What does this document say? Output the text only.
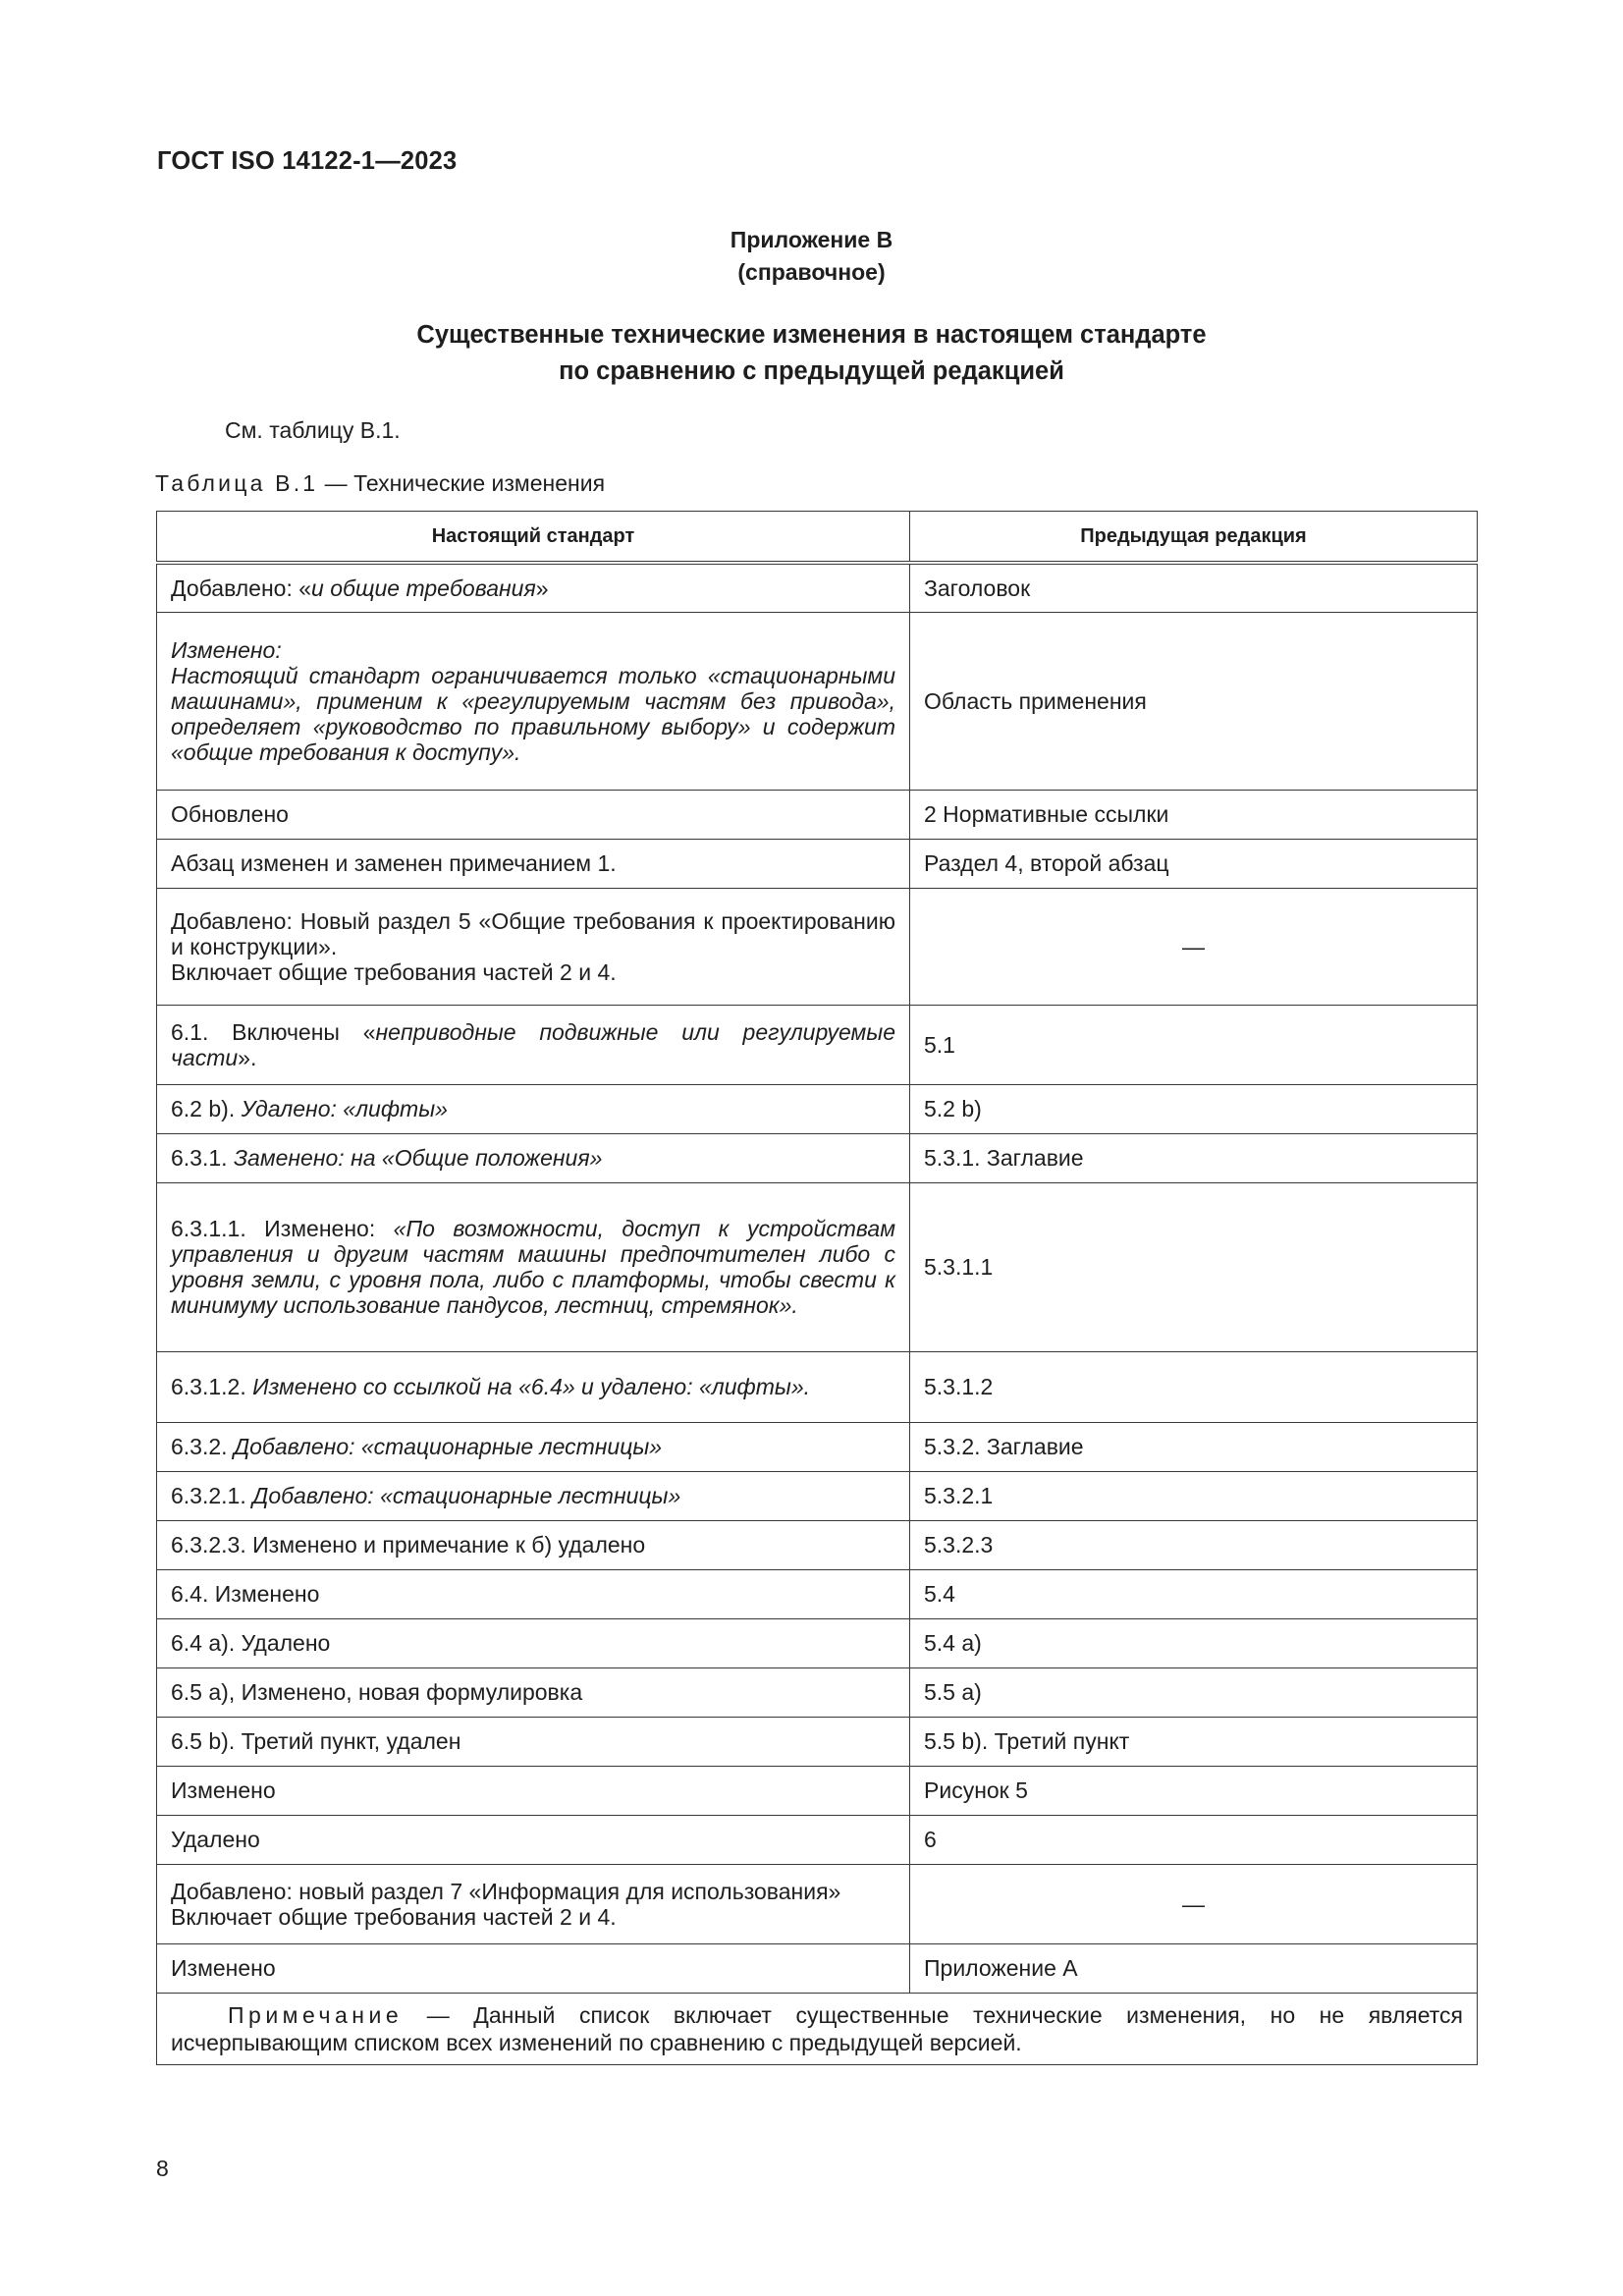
ГОСТ ISO 14122-1—2023
Приложение В
(справочное)
Существенные технические изменения в настоящем стандарте
по сравнению с предыдущей редакцией
См. таблицу В.1.
Таблица В.1 — Технические изменения
Настоящий стандарт	Предыдущая редакция
Добавлено: «и общие требования»	Заголовок
Изменено:
Настоящий стандарт ограничивается только «стационарными машинами», применим к «регулируемым частям без привода», определяет «руководство по правильному выбору» и содержит «общие требования к доступу».	Область применения
Обновлено	2 Нормативные ссылки
Абзац изменен и заменен примечанием 1.	Раздел 4, второй абзац
Добавлено: Новый раздел 5 «Общие требования к проектированию и конструкции».
Включает общие требования частей 2 и 4.	—
6.1. Включены «неприводные подвижные или регулируемые части».	5.1
6.2 b). Удалено: «лифты»	5.2 b)
6.3.1. Заменено: на «Общие положения»	5.3.1. Заглавие
6.3.1.1. Изменено: «По возможности, доступ к устройствам управления и другим частям машины предпочтителен либо с уровня земли, с уровня пола, либо с платформы, чтобы свести к минимуму использование пандусов, лестниц, стремянок».	5.3.1.1
6.3.1.2. Изменено со ссылкой на «6.4» и удалено: «лифты».	5.3.1.2
6.3.2. Добавлено: «стационарные лестницы»	5.3.2. Заглавие
6.3.2.1. Добавлено: «стационарные лестницы»	5.3.2.1
6.3.2.3. Изменено и примечание к б) удалено	5.3.2.3
6.4. Изменено	5.4
6.4 а). Удалено	5.4 а)
6.5 а), Изменено, новая формулировка	5.5 а)
6.5 b). Третий пункт, удален	5.5 b). Третий пункт
Изменено	Рисунок 5
Удалено	6
Добавлено: новый раздел 7 «Информация для использования»
Включает общие требования частей 2 и 4.	—
Изменено	Приложение А
Примечание — Данный список включает существенные технические изменения, но не является исчерпывающим списком всех изменений по сравнению с предыдущей версией.	
8
